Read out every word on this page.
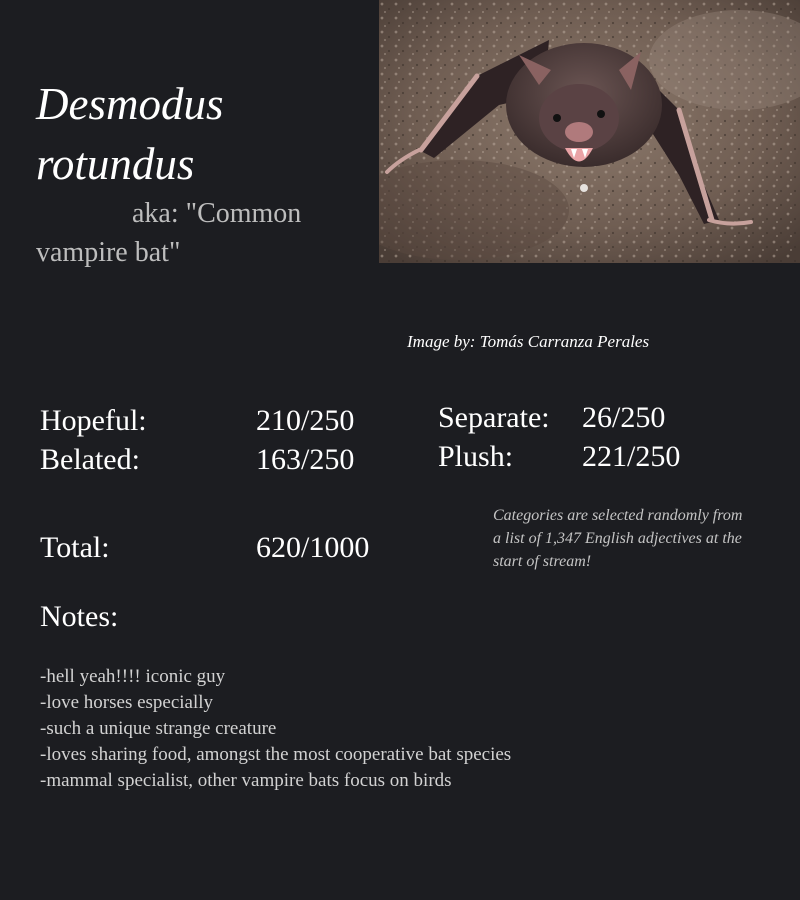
Desmodus rotundus
aka: "Common vampire bat"
Image by: Tomás Carranza Perales
Hopeful:	210/250
Belated:	163/250
Separate: 26/250
Plush: 221/250
Total:	620/1000
Categories are selected randomly from a list of 1,347 English adjectives at the start of stream!
Notes:
-hell yeah!!!! iconic guy
-love horses especially
-such a unique strange creature
-loves sharing food, amongst the most cooperative bat species
-mammal specialist, other vampire bats focus on birds
